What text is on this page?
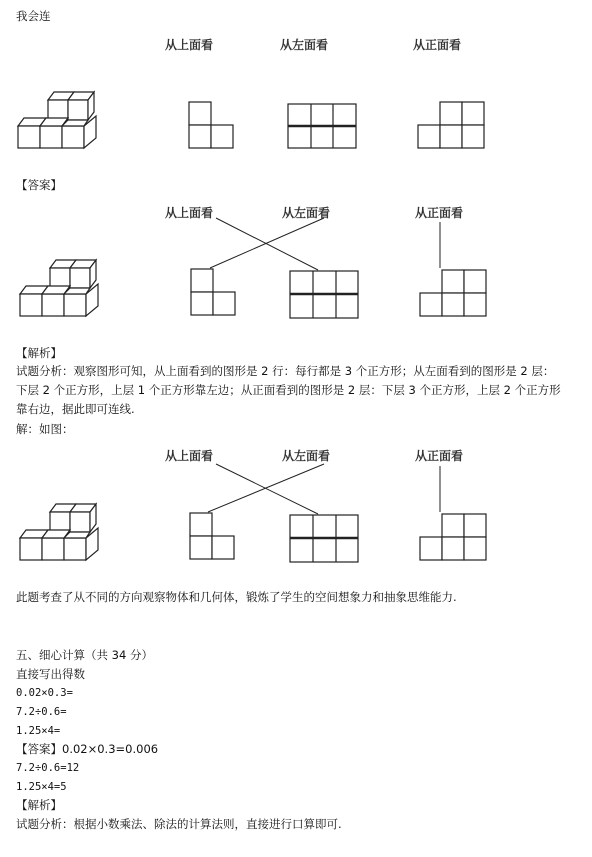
我会连
从上面看	从左面看	从正面看
【答案】
从上面看	从左面看	从正面看
【解析】
试题分析：观察图形可知，从上面看到的图形是 2 行：每行都是 3 个正方形；从左面看到的图形是 2 层：
下层 2 个正方形，上层 1 个正方形靠左边；从正面看到的图形是 2 层：下层 3 个正方形，上层 2 个正方形
靠右边，据此即可连线.
解：如图：
从上面看	从左面看	从正面看
此题考查了从不同的方向观察物体和几何体，锻炼了学生的空间想象力和抽象思维能力.
五、细心计算（共 34 分）
直接写出得数
0.02×0.3=
7.2÷0.6=
1.25×4=
【答案】0.02×0.3=0.006
7.2÷0.6=12
1.25×4=5
【解析】
试题分析：根据小数乘法、除法的计算法则，直接进行口算即可.
